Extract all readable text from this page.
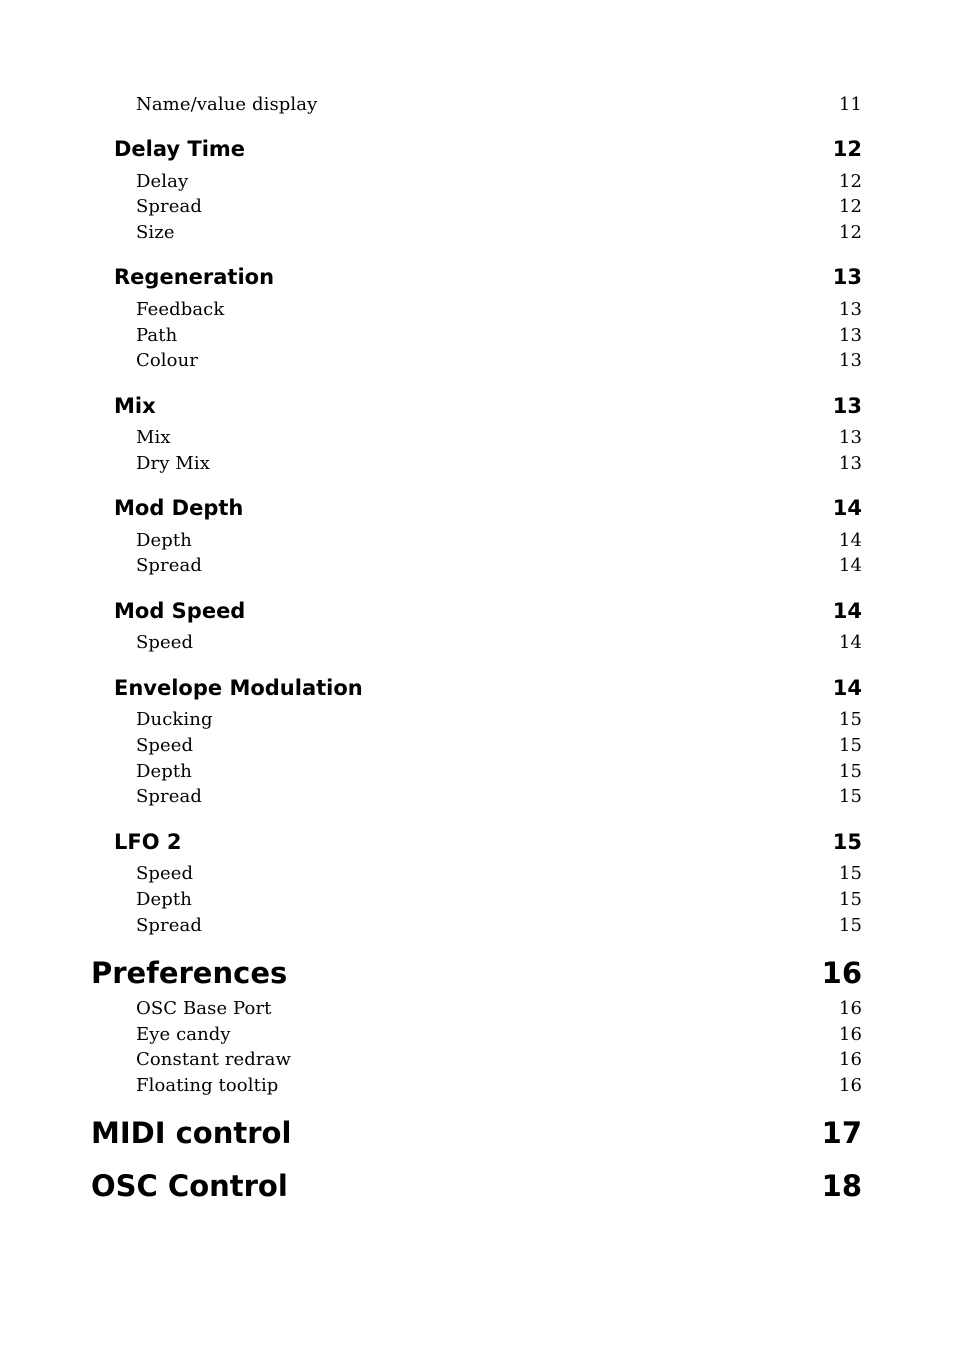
Name/value display	11
Delay Time	12
Delay	12
Spread	12
Size	12
Regeneration	13
Feedback	13
Path	13
Colour	13
Mix	13
Mix	13
Dry Mix	13
Mod Depth	14
Depth	14
Spread	14
Mod Speed	14
Speed	14
Envelope Modulation	14
Ducking	15
Speed	15
Depth	15
Spread	15
LFO 2	15
Speed	15
Depth	15
Spread	15
Preferences	16
OSC Base Port	16
Eye candy	16
Constant redraw	16
Floating tooltip	16
MIDI control	17
OSC Control	18
